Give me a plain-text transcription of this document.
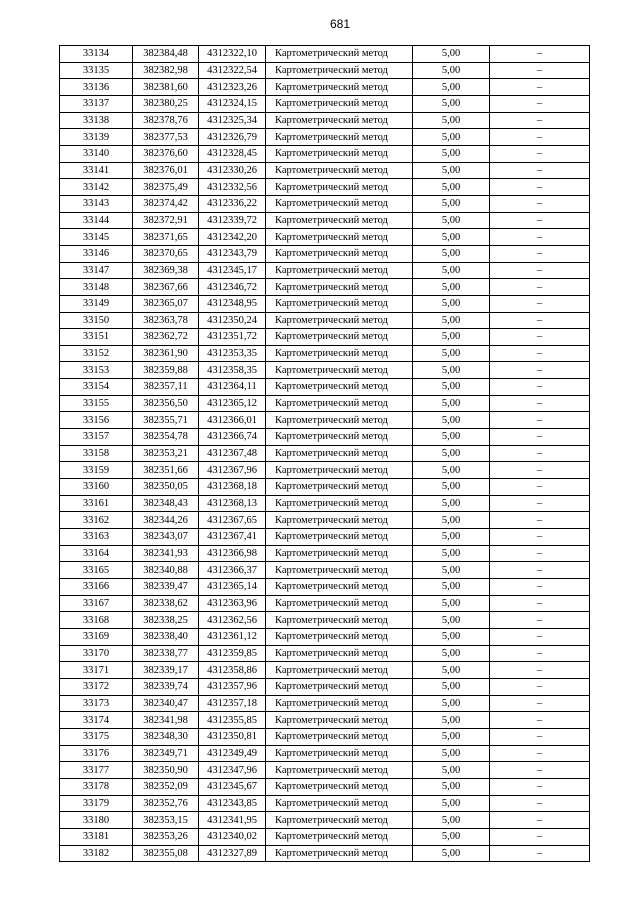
681
33134	382384,48	4312322,10	Картометрический метод	5,00	–
33135	382382,98	4312322,54	Картометрический метод	5,00	–
33136	382381,60	4312323,26	Картометрический метод	5,00	–
33137	382380,25	4312324,15	Картометрический метод	5,00	–
33138	382378,76	4312325,34	Картометрический метод	5,00	–
33139	382377,53	4312326,79	Картометрический метод	5,00	–
33140	382376,60	4312328,45	Картометрический метод	5,00	–
33141	382376,01	4312330,26	Картометрический метод	5,00	–
33142	382375,49	4312332,56	Картометрический метод	5,00	–
33143	382374,42	4312336,22	Картометрический метод	5,00	–
33144	382372,91	4312339,72	Картометрический метод	5,00	–
33145	382371,65	4312342,20	Картометрический метод	5,00	–
33146	382370,65	4312343,79	Картометрический метод	5,00	–
33147	382369,38	4312345,17	Картометрический метод	5,00	–
33148	382367,66	4312346,72	Картометрический метод	5,00	–
33149	382365,07	4312348,95	Картометрический метод	5,00	–
33150	382363,78	4312350,24	Картометрический метод	5,00	–
33151	382362,72	4312351,72	Картометрический метод	5,00	–
33152	382361,90	4312353,35	Картометрический метод	5,00	–
33153	382359,88	4312358,35	Картометрический метод	5,00	–
33154	382357,11	4312364,11	Картометрический метод	5,00	–
33155	382356,50	4312365,12	Картометрический метод	5,00	–
33156	382355,71	4312366,01	Картометрический метод	5,00	–
33157	382354,78	4312366,74	Картометрический метод	5,00	–
33158	382353,21	4312367,48	Картометрический метод	5,00	–
33159	382351,66	4312367,96	Картометрический метод	5,00	–
33160	382350,05	4312368,18	Картометрический метод	5,00	–
33161	382348,43	4312368,13	Картометрический метод	5,00	–
33162	382344,26	4312367,65	Картометрический метод	5,00	–
33163	382343,07	4312367,41	Картометрический метод	5,00	–
33164	382341,93	4312366,98	Картометрический метод	5,00	–
33165	382340,88	4312366,37	Картометрический метод	5,00	–
33166	382339,47	4312365,14	Картометрический метод	5,00	–
33167	382338,62	4312363,96	Картометрический метод	5,00	–
33168	382338,25	4312362,56	Картометрический метод	5,00	–
33169	382338,40	4312361,12	Картометрический метод	5,00	–
33170	382338,77	4312359,85	Картометрический метод	5,00	–
33171	382339,17	4312358,86	Картометрический метод	5,00	–
33172	382339,74	4312357,96	Картометрический метод	5,00	–
33173	382340,47	4312357,18	Картометрический метод	5,00	–
33174	382341,98	4312355,85	Картометрический метод	5,00	–
33175	382348,30	4312350,81	Картометрический метод	5,00	–
33176	382349,71	4312349,49	Картометрический метод	5,00	–
33177	382350,90	4312347,96	Картометрический метод	5,00	–
33178	382352,09	4312345,67	Картометрический метод	5,00	–
33179	382352,76	4312343,85	Картометрический метод	5,00	–
33180	382353,15	4312341,95	Картометрический метод	5,00	–
33181	382353,26	4312340,02	Картометрический метод	5,00	–
33182	382355,08	4312327,89	Картометрический метод	5,00	–
